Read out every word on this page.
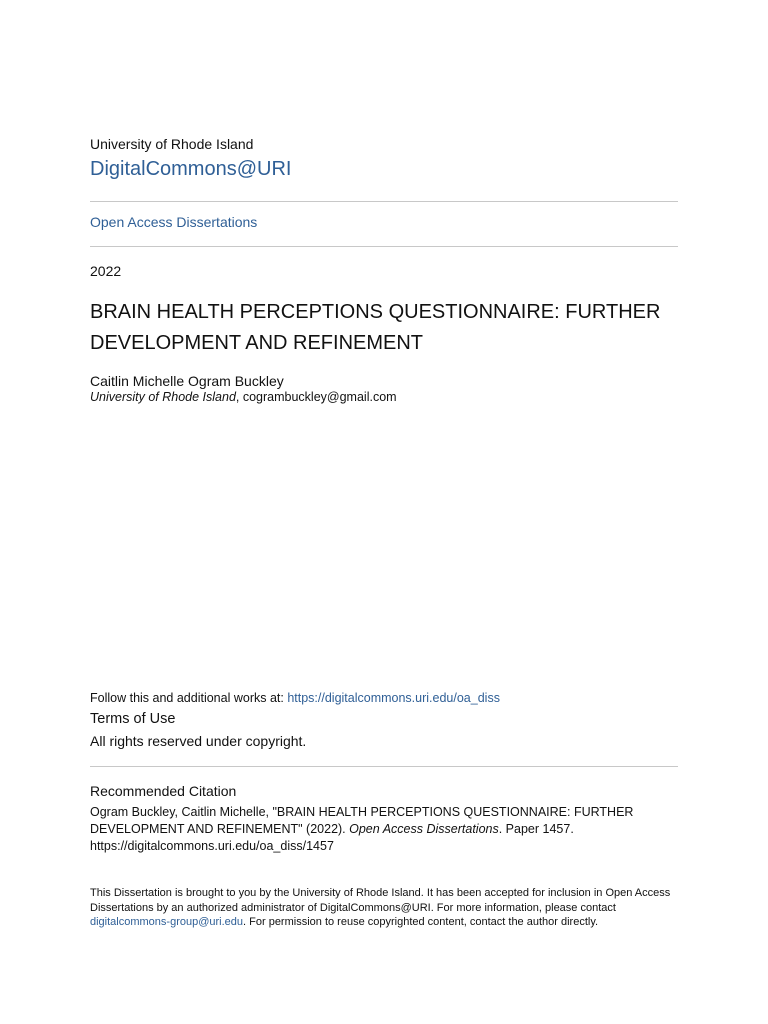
University of Rhode Island
DigitalCommons@URI
Open Access Dissertations
2022
BRAIN HEALTH PERCEPTIONS QUESTIONNAIRE: FURTHER DEVELOPMENT AND REFINEMENT
Caitlin Michelle Ogram Buckley
University of Rhode Island, cogrambuckley@gmail.com
Follow this and additional works at: https://digitalcommons.uri.edu/oa_diss
Terms of Use
All rights reserved under copyright.
Recommended Citation
Ogram Buckley, Caitlin Michelle, "BRAIN HEALTH PERCEPTIONS QUESTIONNAIRE: FURTHER DEVELOPMENT AND REFINEMENT" (2022). Open Access Dissertations. Paper 1457.
https://digitalcommons.uri.edu/oa_diss/1457
This Dissertation is brought to you by the University of Rhode Island. It has been accepted for inclusion in Open Access Dissertations by an authorized administrator of DigitalCommons@URI. For more information, please contact digitalcommons-group@uri.edu. For permission to reuse copyrighted content, contact the author directly.
